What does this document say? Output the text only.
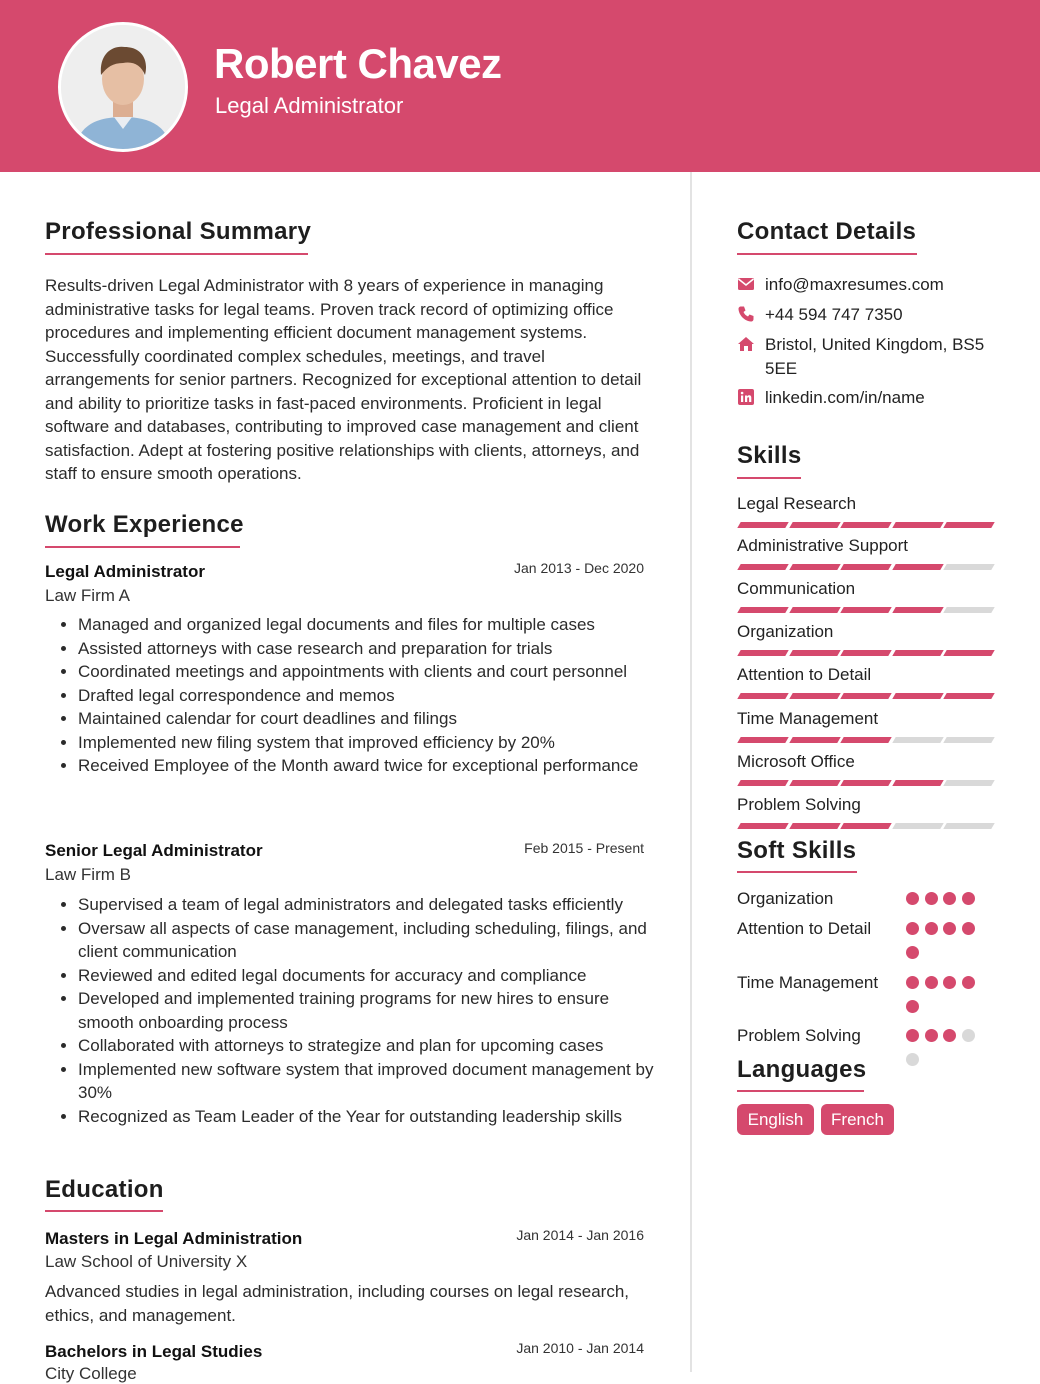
Robert Chavez
Legal Administrator
Professional Summary

Results-driven Legal Administrator with 8 years of experience in managing administrative tasks for legal teams. Proven track record of optimizing office procedures and implementing efficient document management systems. Successfully coordinated complex schedules, meetings, and travel arrangements for senior partners. Recognized for exceptional attention to detail and ability to prioritize tasks in fast-paced environments. Proficient in legal software and databases, contributing to improved case management and client satisfaction. Adept at fostering positive relationships with clients, attorneys, and staff to ensure smooth operations.

Work Experience
Legal Administrator	Jan 2013 - Dec 2020
Law Firm A
• Managed and organized legal documents and files for multiple cases
• Assisted attorneys with case research and preparation for trials
• Coordinated meetings and appointments with clients and court personnel
• Drafted legal correspondence and memos
• Maintained calendar for court deadlines and filings
• Implemented new filing system that improved efficiency by 20%
• Received Employee of the Month award twice for exceptional performance
Senior Legal Administrator	Feb 2015 - Present
Law Firm B
• Supervised a team of legal administrators and delegated tasks efficiently
• Oversaw all aspects of case management, including scheduling, filings, and client communication
• Reviewed and edited legal documents for accuracy and compliance
• Developed and implemented training programs for new hires to ensure smooth onboarding process
• Collaborated with attorneys to strategize and plan for upcoming cases
• Implemented new software system that improved document management by 30%
• Recognized as Team Leader of the Year for outstanding leadership skills
Education
Masters in Legal Administration	Jan 2014 - Jan 2016
Law School of University X

Advanced studies in legal administration, including courses on legal research, ethics, and management.

Bachelors in Legal Studies	Jan 2010 - Jan 2014
City College
Contact Details
info@maxresumes.com
+44 594 747 7350
Bristol, United Kingdom, BS5 5EE
linkedin.com/in/name
Skills
Legal Research
Administrative Support
Communication
Organization
Attention to Detail
Time Management
Microsoft Office
Problem Solving
Soft Skills
Organization
Attention to Detail
Time Management
Problem Solving
Languages
English	French
